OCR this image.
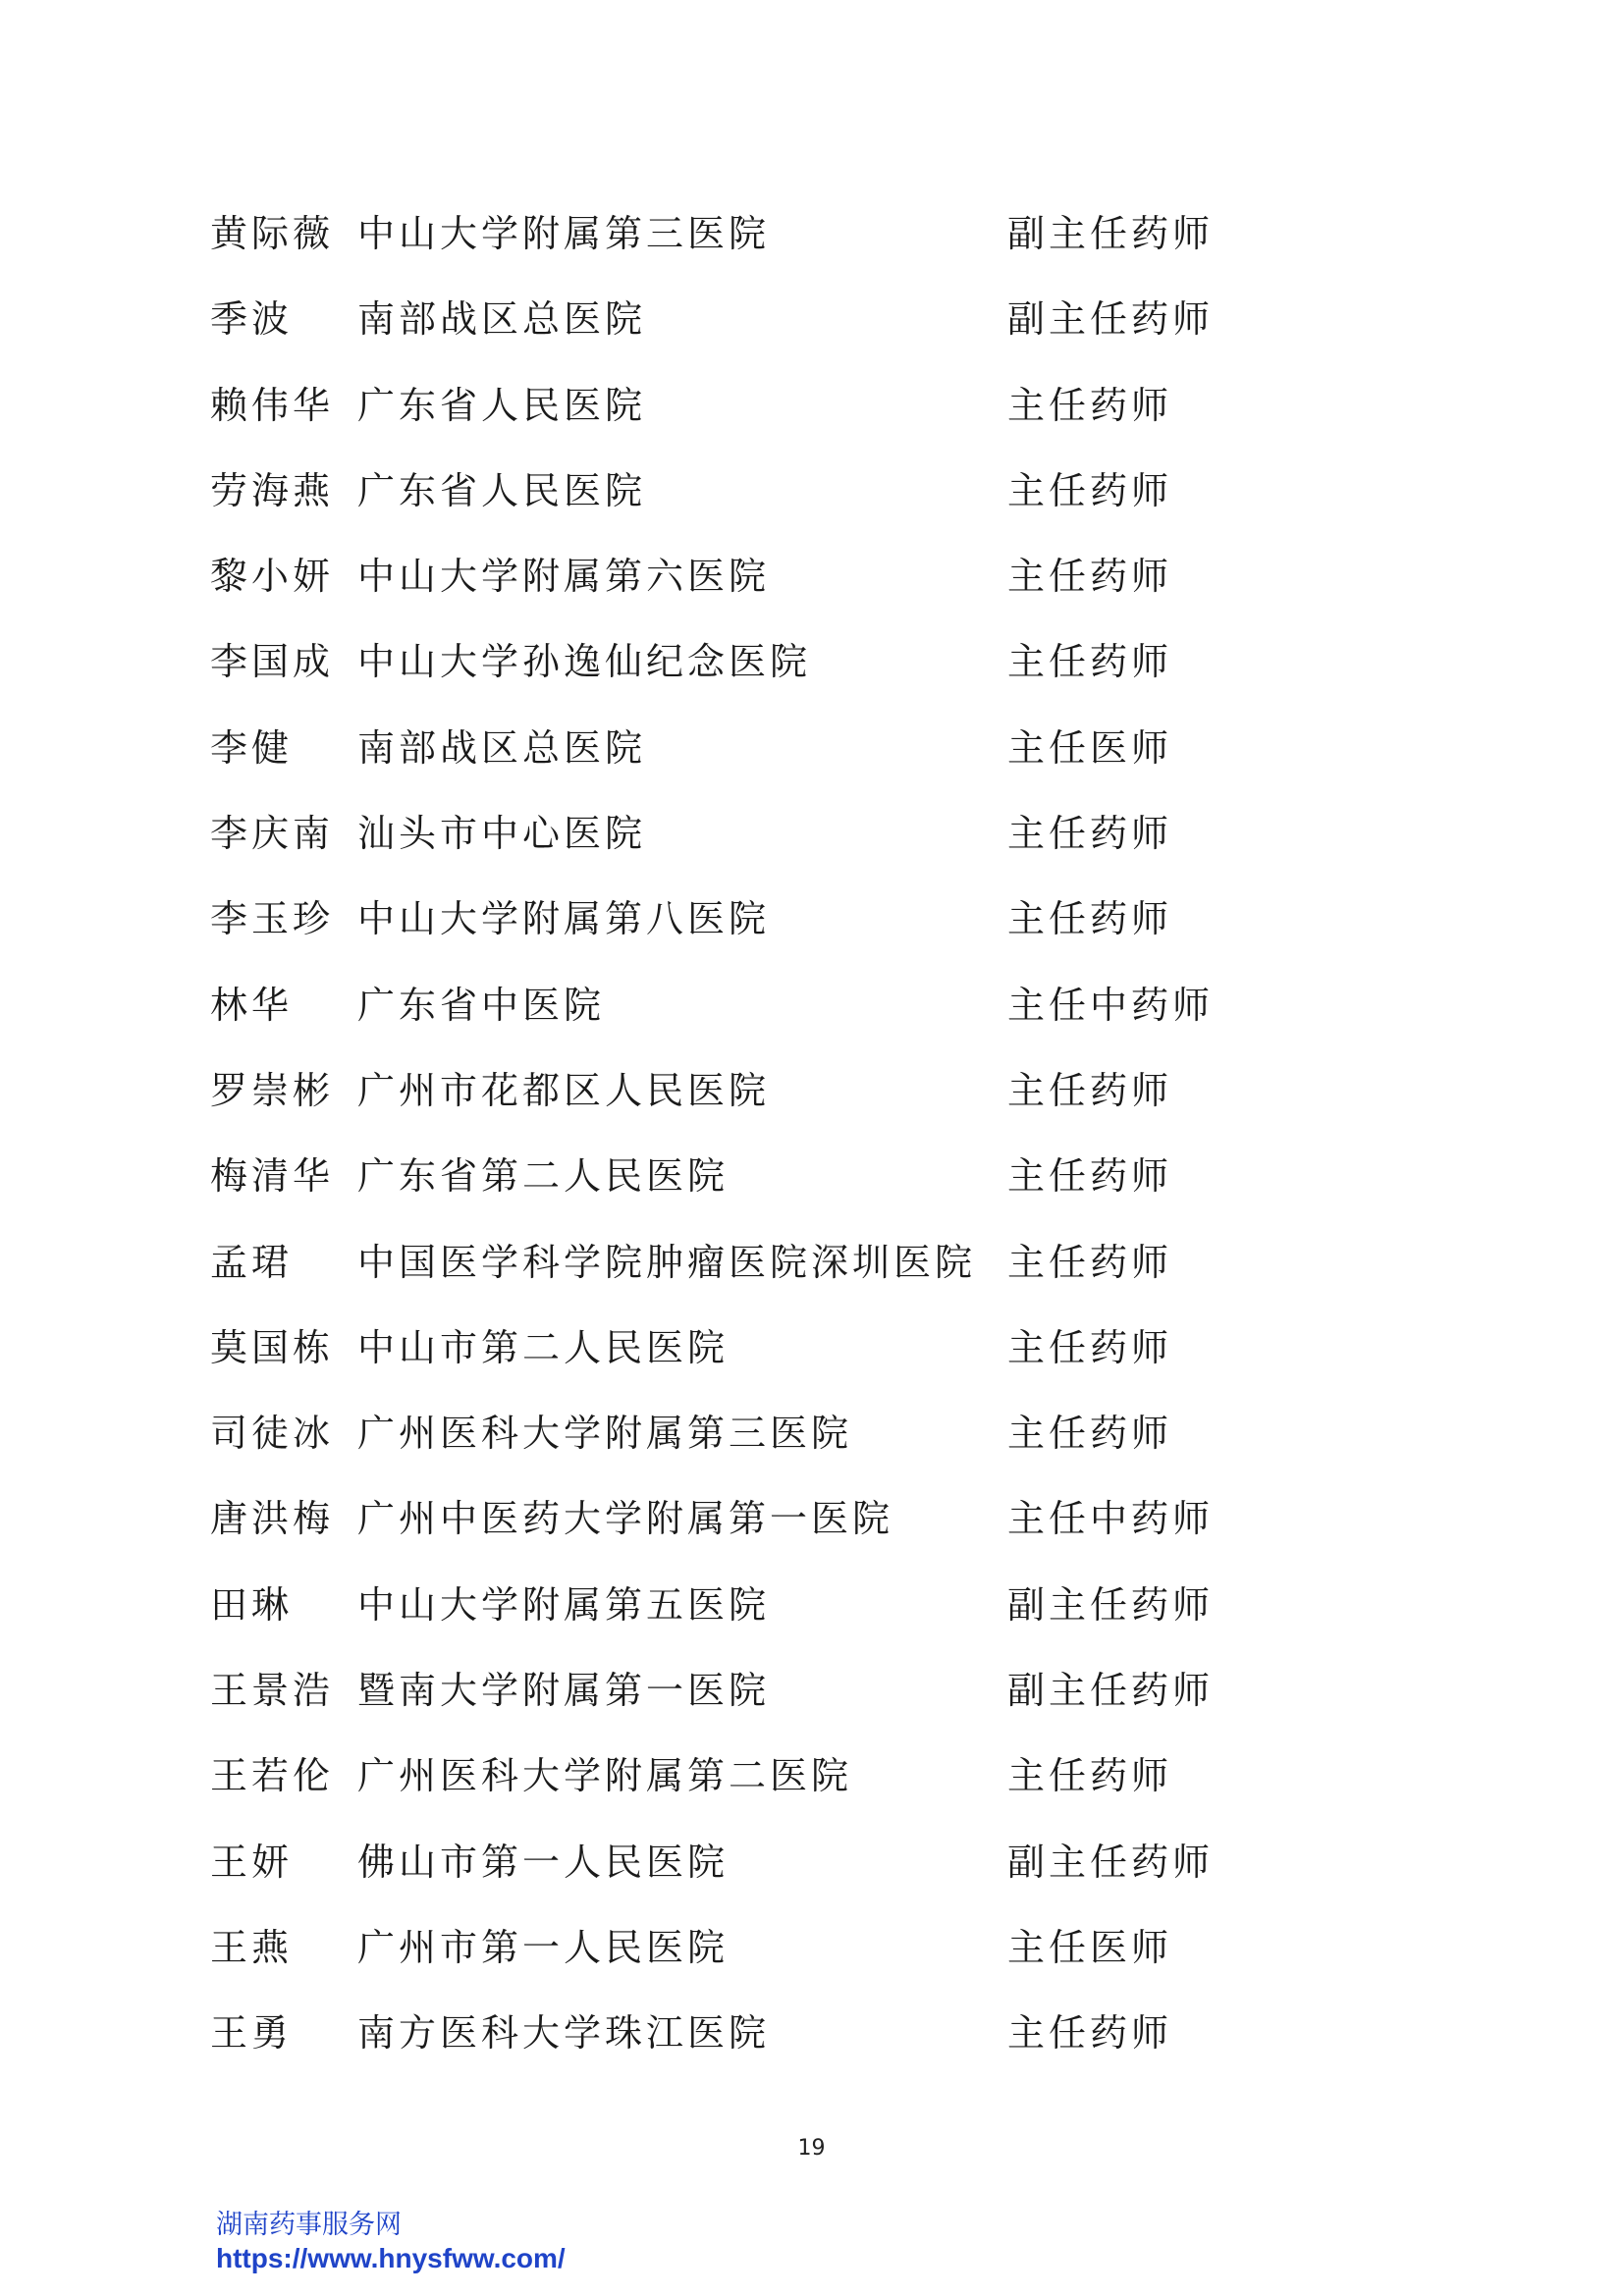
黄际薇 中山大学附属第三医院	副主任药师
季波 南部战区总医院	副主任药师
赖伟华 广东省人民医院	主任药师
劳海燕 广东省人民医院	主任药师
黎小妍 中山大学附属第六医院	主任药师
李国成 中山大学孙逸仙纪念医院	主任药师
李健 南部战区总医院	主任医师
李庆南 汕头市中心医院	主任药师
李玉珍 中山大学附属第八医院	主任药师
林华 广东省中医院	主任中药师
罗崇彬 广州市花都区人民医院	主任药师
梅清华 广东省第二人民医院	主任药师
孟珺 中国医学科学院肿瘤医院深圳医院 主任药师
莫国栋 中山市第二人民医院	主任药师
司徒冰 广州医科大学附属第三医院	主任药师
唐洪梅 广州中医药大学附属第一医院	主任中药师
田琳 中山大学附属第五医院	副主任药师
王景浩 暨南大学附属第一医院	副主任药师
王若伦 广州医科大学附属第二医院	主任药师
王妍 佛山市第一人民医院	副主任药师
王燕 广州市第一人民医院	主任医师
王勇 南方医科大学珠江医院	主任药师
19
湖南药事服务网
https://www.hnysfww.com/
